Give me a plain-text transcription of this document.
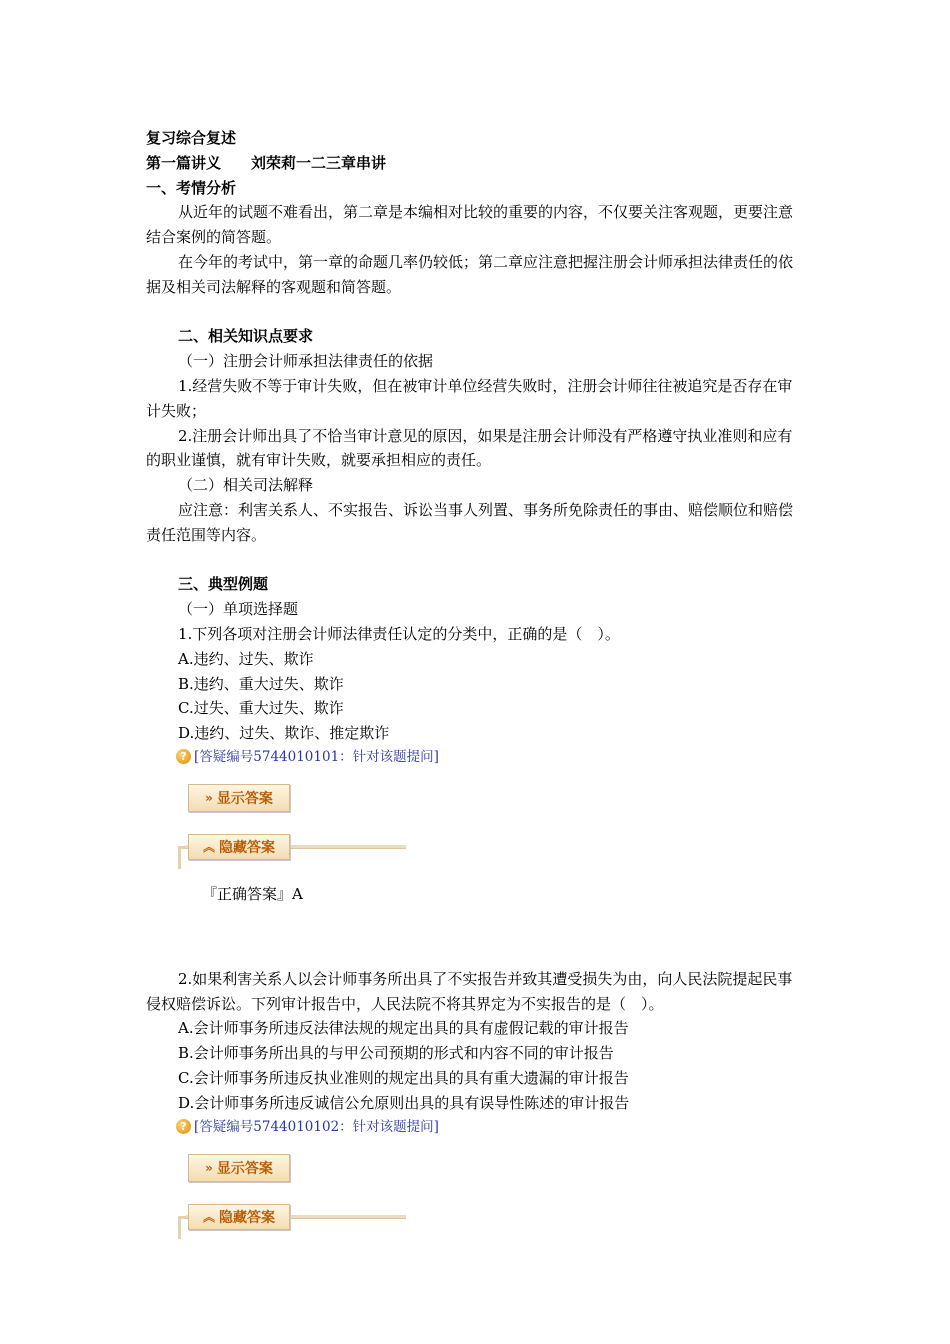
复习综合复述
第一篇讲义　　刘荣莉一二三章串讲
一、考情分析
从近年的试题不难看出，第二章是本编相对比较的重要的内容，不仅要关注客观题，更要注意结合案例的简答题。
在今年的考试中，第一章的命题几率仍较低；第二章应注意把握注册会计师承担法律责任的依据及相关司法解释的客观题和简答题。
二、相关知识点要求
（一）注册会计师承担法律责任的依据
1.经营失败不等于审计失败，但在被审计单位经营失败时，注册会计师往往被追究是否存在审计失败；
2.注册会计师出具了不恰当审计意见的原因，如果是注册会计师没有严格遵守执业准则和应有的职业谨慎，就有审计失败，就要承担相应的责任。
（二）相关司法解释
应注意：利害关系人、不实报告、诉讼当事人列置、事务所免除责任的事由、赔偿顺位和赔偿责任范围等内容。
三、典型例题
（一）单项选择题
1.下列各项对注册会计师法律责任认定的分类中，正确的是（　）。
A.违约、过失、欺诈
B.违约、重大过失、欺诈
C.过失、重大过失、欺诈
D.违约、过失、欺诈、推定欺诈
? [答疑编号5744010101：针对该题提问]
» 显示答案
︽ 隐藏答案
『正确答案』A
2.如果利害关系人以会计师事务所出具了不实报告并致其遭受损失为由，向人民法院提起民事侵权赔偿诉讼。下列审计报告中，人民法院不将其界定为不实报告的是（　）。
A.会计师事务所违反法律法规的规定出具的具有虚假记载的审计报告
B.会计师事务所出具的与甲公司预期的形式和内容不同的审计报告
C.会计师事务所违反执业准则的规定出具的具有重大遗漏的审计报告
D.会计师事务所违反诚信公允原则出具的具有误导性陈述的审计报告
? [答疑编号5744010102：针对该题提问]
» 显示答案
︽ 隐藏答案
